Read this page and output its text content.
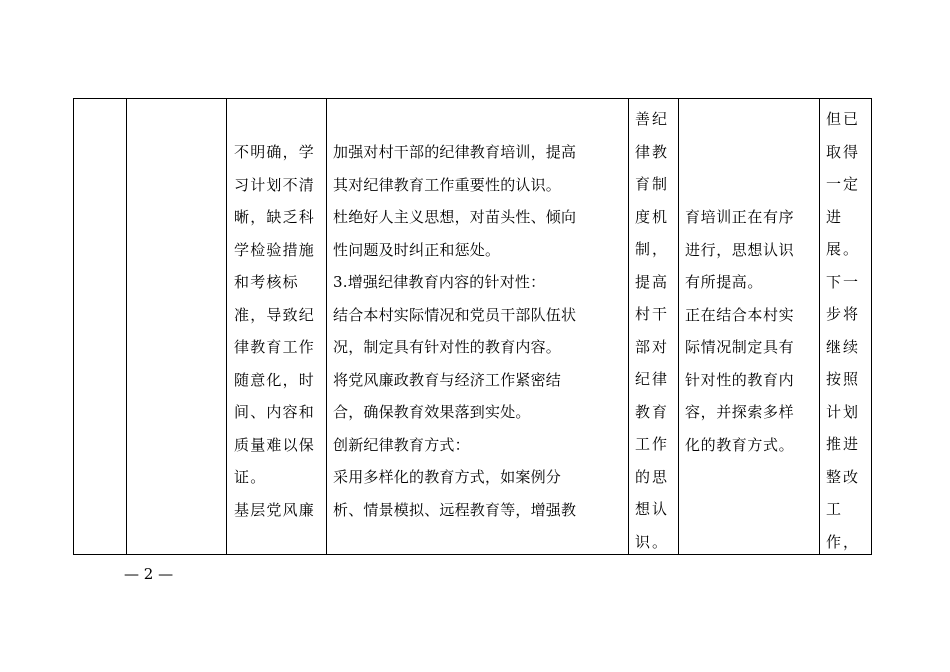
不明确，学
习计划不清
晰，缺乏科
学检验措施
和考核标
准，导致纪
律教育工作
随意化，时
间、内容和
质量难以保
证。
基层党风廉
加强对村干部的纪律教育培训，提高
其对纪律教育工作重要性的认识。
杜绝好人主义思想，对苗头性、倾向
性问题及时纠正和惩处。
3.增强纪律教育内容的针对性：
结合本村实际情况和党员干部队伍状
况，制定具有针对性的教育内容。
将党风廉政教育与经济工作紧密结
合，确保教育效果落到实处。
创新纪律教育方式：
采用多样化的教育方式，如案例分
析、情景模拟、远程教育等，增强教
善纪
律教
育制
度机
制，
提高
村干
部对
纪律
教育
工作
的思
想认
识。
育培训正在有序
进行，思想认识
有所提高。
正在结合本村实
际情况制定具有
针对性的教育内
容，并探索多样
化的教育方式。
但已
取得
一定
进
展。
下一
步将
继续
按照
计划
推进
整改
工
作，
— 2 —
